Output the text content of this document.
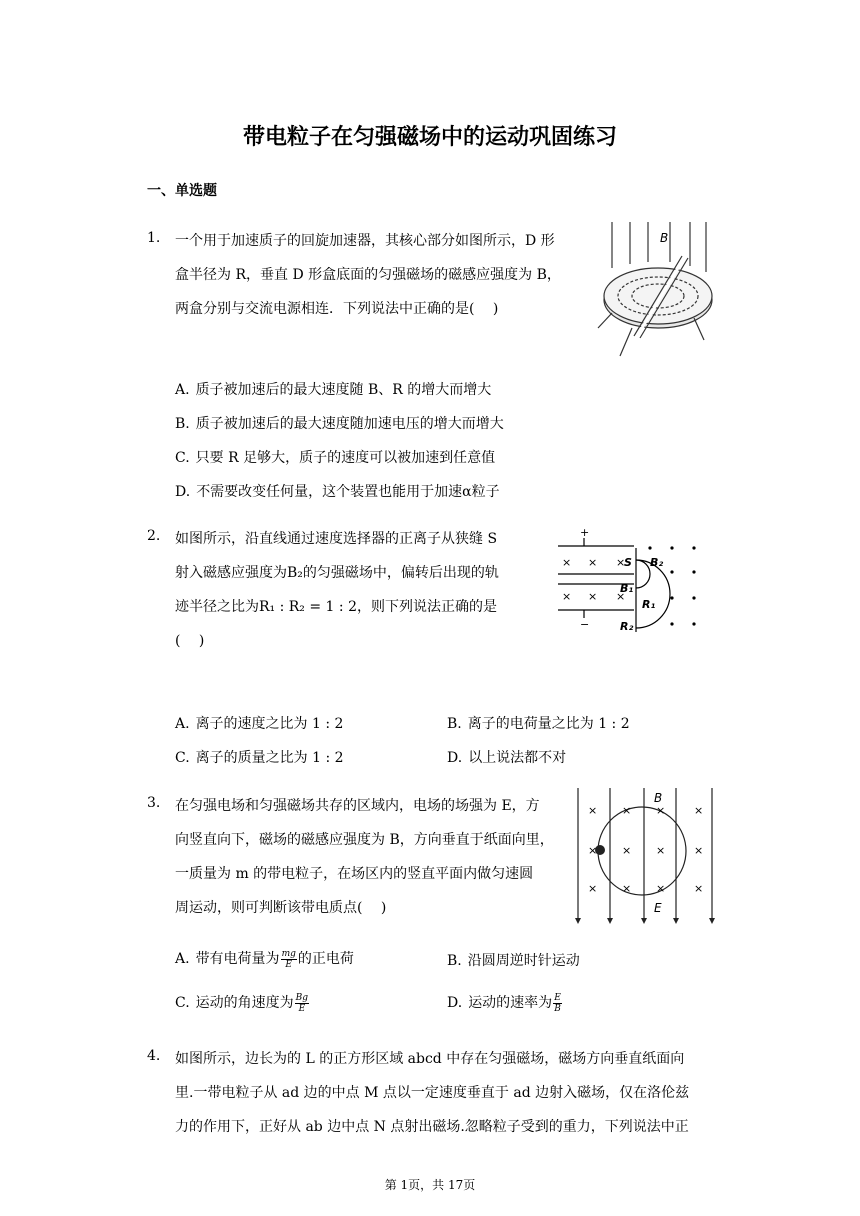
带电粒子在匀强磁场中的运动巩固练习
一、单选题
1. 一个用于加速质子的回旋加速器，其核心部分如图所示，D 形
盒半径为 R，垂直 D 形盒底面的匀强磁场的磁感应强度为 B，
两盒分别与交流电源相连．下列说法中正确的是(　 )
B
A. 质子被加速后的最大速度随 B、R 的增大而增大
B. 质子被加速后的最大速度随加速电压的增大而增大
C. 只要 R 足够大，质子的速度可以被加速到任意值
D. 不需要改变任何量，这个装置也能用于加速α粒子
2. 如图所示，沿直线通过速度选择器的正离子从狭缝 S
射入磁感应强度为B₂的匀强磁场中，偏转后出现的轨
迹半径之比为R₁ : R₂ = 1 : 2，则下列说法正确的是
(　 )
+
−
× × ×
× × ×
S B₂
B₁
R₁
R₂
A. 离子的速度之比为 1 : 2	B. 离子的电荷量之比为 1 : 2
C. 离子的质量之比为 1 : 2	D. 以上说法都不对
3. 在匀强电场和匀强磁场共存的区域内，电场的场强为 E，方
向竖直向下，磁场的磁感应强度为 B，方向垂直于纸面向里，
一质量为 m 的带电粒子，在场区内的竖直平面内做匀速圆
周运动，则可判断该带电质点(　 )
× × ×	×
× × ×	×
× × ×	×
B
E
A. 带有电荷量为 $\frac{mg}{E}$ 的正电荷	B. 沿圆周逆时针运动
C. 运动的角速度为 $\frac{Bg}{E}$	D. 运动的速率为 $\frac{E}{B}$
4. 如图所示，边长为的 L 的正方形区域 abcd 中存在匀强磁场，磁场方向垂直纸面向
里.一带电粒子从 ad 边的中点 M 点以一定速度垂直于 ad 边射入磁场，仅在洛伦兹
力的作用下，正好从 ab 边中点 N 点射出磁场.忽略粒子受到的重力，下列说法中正
第 1页，共 17页
